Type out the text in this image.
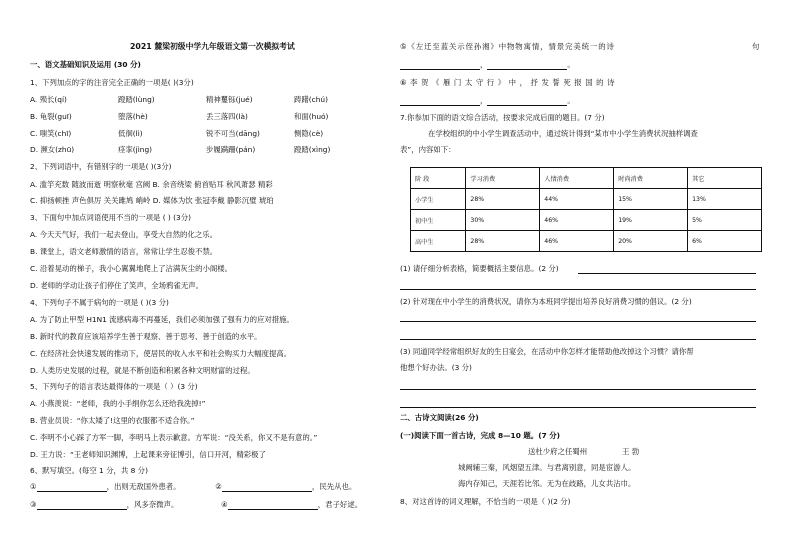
2021 麓梁初级中学九年级语文第一次模拟考试
一、语文基础知识及运用 (30 分)
1、下列加点的字的注音完全正确的一项是( )(3分)
A. 殒长(qí)	蹬踏(lùng)	精神矍铄(jué)	踌躇(chú)
B. 龟裂(guī)	堕落(hè)	丢三落四(là)	和面(huó)
C. 嗤笑(chī)	低徊(lì)	锐不可当(dāng)	恻隐(cè)
D. 濒女(zhū)	痉挛(jìng)	步履蹒跚(pán)	蹬踏(xìng)
2、下列词语中，有错别字的一项是( )(3分)
A. 滥竽充数 随波而逝 明察秋毫 宫阙 B. 余音绕梁 俯首贴耳 秋风萧瑟 精彩
C. 抑扬顿挫 声色俱厉 关关雎鸠 峭岭 D. 媒体为饮 张冠李戴 静影沉璧 琥珀
3、下面句中加点词语使用不当的一项是 ( ) (3分)
A. 今天天气好，我们一起去登山，享受大自然的化之乐。
B. 课堂上，语文老师激情的语言，常常让学生忍俊不禁。
C. 沿着晃动的梯子，我小心翼翼地爬上了沾满灰尘的小阁楼。
D. 老师的学动让孩子们停住了笑声，全场鸦雀无声。
4、下列句子不属于病句的一项是 ( )(3 分)
A. 为了防止甲型 H1N1 流感病毒不再蔓延，我们必须加强了强有力的应对措施。
B. 新时代的教育应该培养学生善于观察、善于思考、善于创造的水平。
C. 在经济社会快速发展的推动下，使居民的收入水平和社会购买力大幅度提高。
D. 人类历史发展的过程，就是不断创造和积累各种文明财富的过程。
5、下列句子的语言表达最得体的一项是（ ）(3 分)
A. 小燕羡说：“老师，我的小手绢你怎么还给我洗掉!”
B. 营业员说：“你太矮了!这里的衣服都不适合你。”
C. 李明不小心踩了方军一脚，李明马上表示歉意。方军说：“没关系，你又不是有意的。”
D. 王力说：“王老师知识渊博，上起课来旁征博引，信口开河，精彩极了
6、默写填空。(每空 1 分，共 8 分)
①	，出则无敌国外患者。	②	，民先从也。
③	，风多奈微声。	④	，君子好逑。
⑤《左迁至蓝关示侄孙湘》中物物寓情，情景完美统一的诗	句
，	。
⑥ 李 贺 《 雁 门 太 守 行 》 中 ， 抒 发 誓 死 报 国 的 诗
，	。
7.你参加下面的语文综合活动，按要求完成后面的题目。(7 分)
在学校组织的中小学生调查活动中，通过统计得到“某市中小学生消费状况抽样调查
表”，内容如下：
阶 段	学习消费	人情消费	时尚消费	其它
小学生	28%	44%	15%	13%
初中生	30%	46%	19%	5%
高中生	28%	46%	20%	6%
(1) 请仔细分析表格，简要概括主要信息。(2 分)
(2) 针对现在中小学生的消费状况，请你为本班同学提出培养良好消费习惯的倡议。(2 分)
(3) 同道同学经常组织好友的生日宴会，在活动中你怎样才能帮助他改掉这个习惯？请你帮
他想个好办法。(3 分)
二、古诗文阅读(26 分)
(一)阅读下面一首古诗，完成 8—10 题。(7 分)
送杜少府之任蜀州	王 勃
城阙辅三秦，风烟望五津。与君离别意，同是宦游人。
海内存知己，天涯若比邻。无为在歧路，儿女共沾巾。
8、对这首诗的词义理解，不恰当的一项是（ )(2 分)
